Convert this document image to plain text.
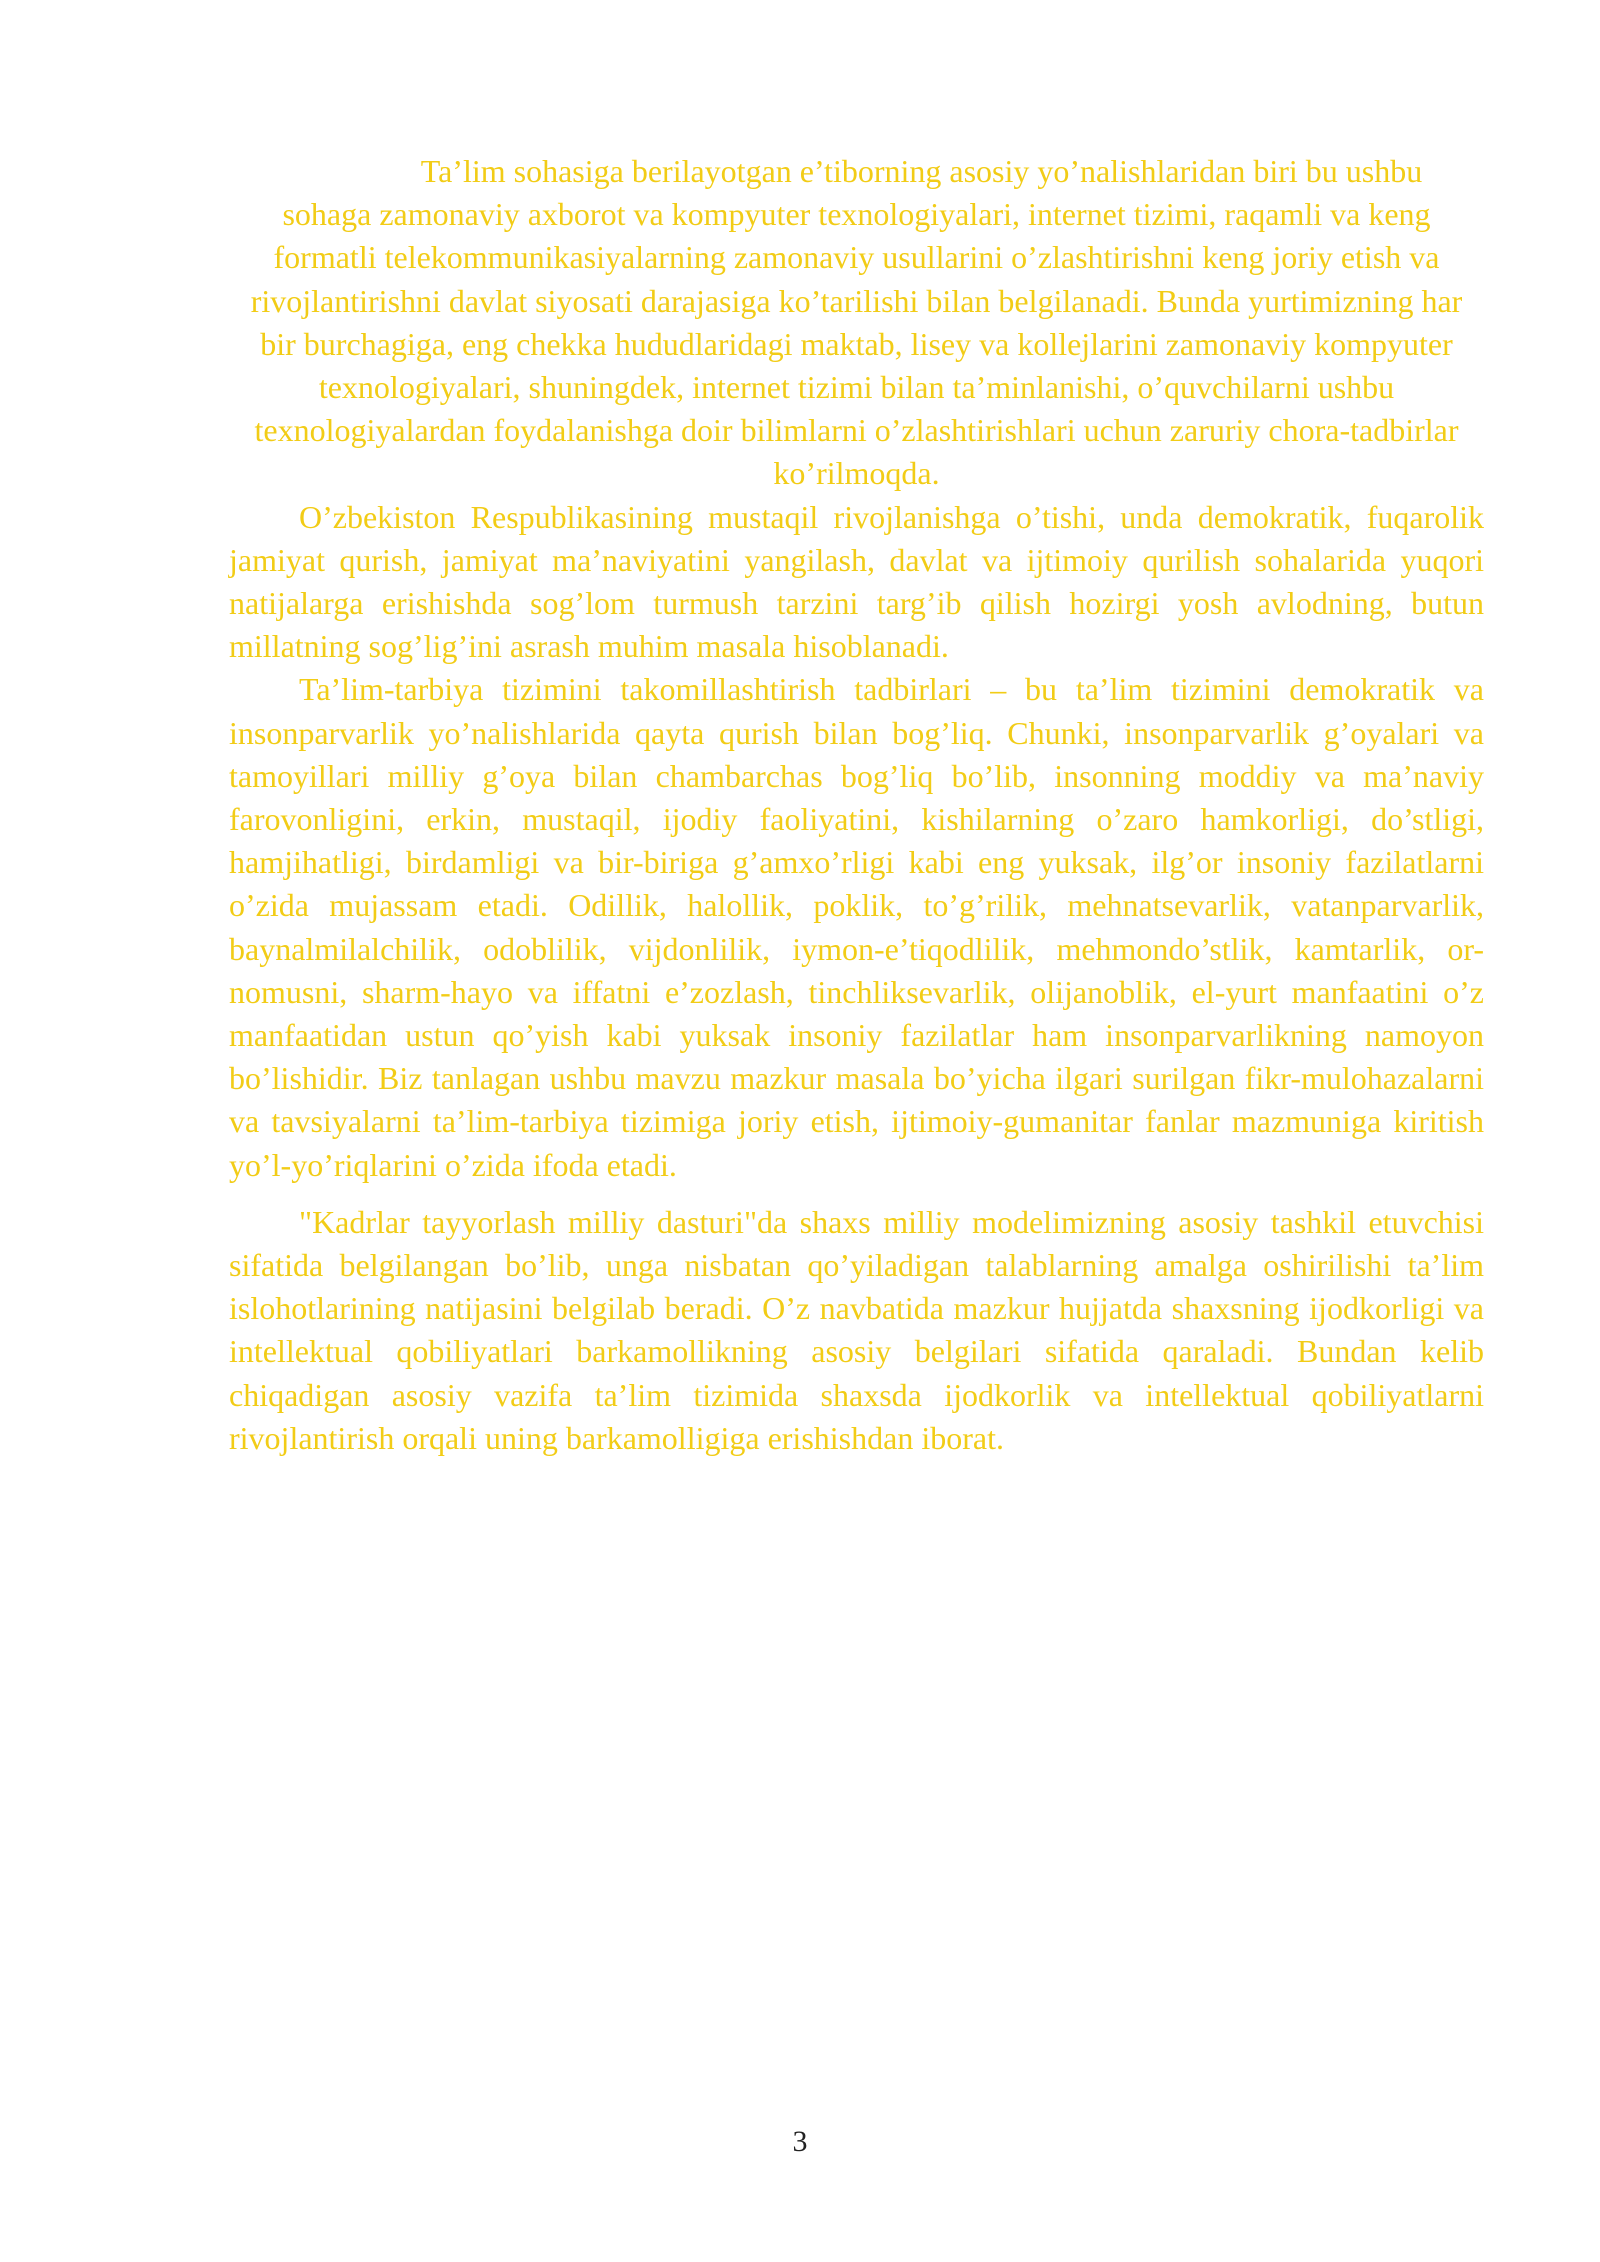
Ta’lim sohasiga berilayotgan e’tiborning asosiy yo’nalishlaridan biri bu ushbu sohaga zamonaviy axborot va kompyuter texnologiyalari, internet tizimi, raqamli va keng formatli telekommunikasiyalarning zamonaviy usullarini o’zlashtirishni keng joriy etish va rivojlantirishni davlat siyosati darajasiga ko’tarilishi bilan belgilanadi. Bunda yurtimizning har bir burchagiga, eng chekka hududlaridagi maktab, lisey va kollejlarini zamonaviy kompyuter texnologiyalari, shuningdek, internet tizimi bilan ta’minlanishi, o’quvchilarni ushbu texnologiyalardan foydalanishga doir bilimlarni o’zlashtirishlari uchun zaruriy chora-tadbirlar ko’rilmoqda.

O’zbekiston Respublikasining mustaqil rivojlanishga o’tishi, unda demokratik, fuqarolik jamiyat qurish, jamiyat ma’naviyatini yangilash, davlat va ijtimoiy qurilish sohalarida yuqori natijalarga erishishda sog’lom turmush tarzini targ’ib qilish hozirgi yosh avlodning, butun millatning sog’lig’ini asrash muhim masala hisoblanadi.

Ta’lim-tarbiya tizimini takomillashtirish tadbirlari – bu ta’lim tizimini demokratik va insonparvarlik yo’nalishlarida qayta qurish bilan bog’liq. Chunki, insonparvarlik g’oyalari va tamoyillari milliy g’oya bilan chambarchas bog’liq bo’lib, insonning moddiy va ma’naviy farovonligini, erkin, mustaqil, ijodiy faoliyatini, kishilarning o’zaro hamkorligi, do’stligi, hamjihatligi, birdamligi va bir-biriga g’amxo’rligi kabi eng yuksak, ilg’or insoniy fazilatlarni o’zida mujassam etadi. Odillik, halollik, poklik, to’g’rilik, mehnatsevarlik, vatanparvarlik, baynalmilalchilik, odoblilik, vijdonlilik, iymon-e’tiqodlilik, mehmondo’stlik, kamtarlik, or-nomusni, sharm-hayo va iffatni e’zozlash, tinchliksevarlik, olijanoblik, el-yurt manfaatini o’z manfaatidan ustun qo’yish kabi yuksak insoniy fazilatlar ham insonparvarlikning namoyon bo’lishidir. Biz tanlagan ushbu mavzu mazkur masala bo’yicha ilgari surilgan fikr-mulohazalarni va tavsiyalarni ta’lim-tarbiya tizimiga joriy etish, ijtimoiy-gumanitar fanlar mazmuniga kiritish yo’l-yo’riqlarini o’zida ifoda etadi.

"Kadrlar tayyorlash milliy dasturi"da shaxs milliy modelimizning asosiy tashkil etuvchisi sifatida belgilangan bo’lib, unga nisbatan qo’yiladigan talablarning amalga oshirilishi ta’lim islohotlarining natijasini belgilab beradi. O’z navbatida mazkur hujjatda shaxsning ijodkorligi va intellektual qobiliyatlari barkamollikning asosiy belgilari sifatida qaraladi. Bundan kelib chiqadigan asosiy vazifa ta’lim tizimida shaxsda ijodkorlik va intellektual qobiliyatlarni rivojlantirish orqali uning barkamolligiga erishishdan iborat.

3
